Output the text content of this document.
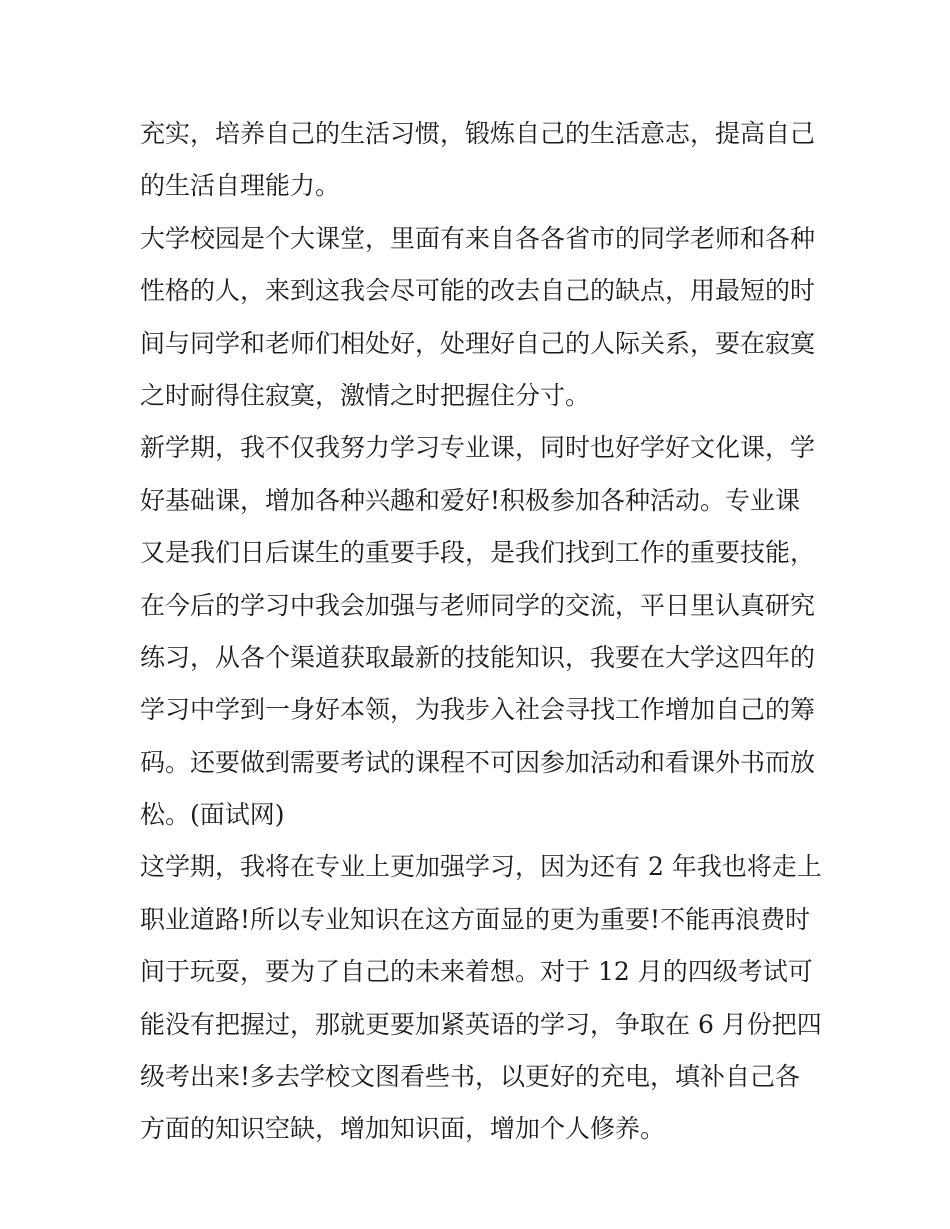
充实，培养自己的生活习惯，锻炼自己的生活意志，提高自己
的生活自理能力。
大学校园是个大课堂，里面有来自各各省市的同学老师和各种
性格的人，来到这我会尽可能的改去自己的缺点，用最短的时
间与同学和老师们相处好，处理好自己的人际关系，要在寂寞
之时耐得住寂寞，激情之时把握住分寸。
新学期，我不仅我努力学习专业课，同时也好学好文化课，学
好基础课，增加各种兴趣和爱好!积极参加各种活动。专业课
又是我们日后谋生的重要手段，是我们找到工作的重要技能，
在今后的学习中我会加强与老师同学的交流，平日里认真研究
练习，从各个渠道获取最新的技能知识，我要在大学这四年的
学习中学到一身好本领，为我步入社会寻找工作增加自己的筹
码。还要做到需要考试的课程不可因参加活动和看课外书而放
松。(面试网)
这学期，我将在专业上更加强学习，因为还有 2 年我也将走上
职业道路!所以专业知识在这方面显的更为重要!不能再浪费时
间于玩耍，要为了自己的未来着想。对于 12 月的四级考试可
能没有把握过，那就更要加紧英语的学习，争取在 6 月份把四
级考出来!多去学校文图看些书，以更好的充电，填补自己各
方面的知识空缺，增加知识面，增加个人修养。
